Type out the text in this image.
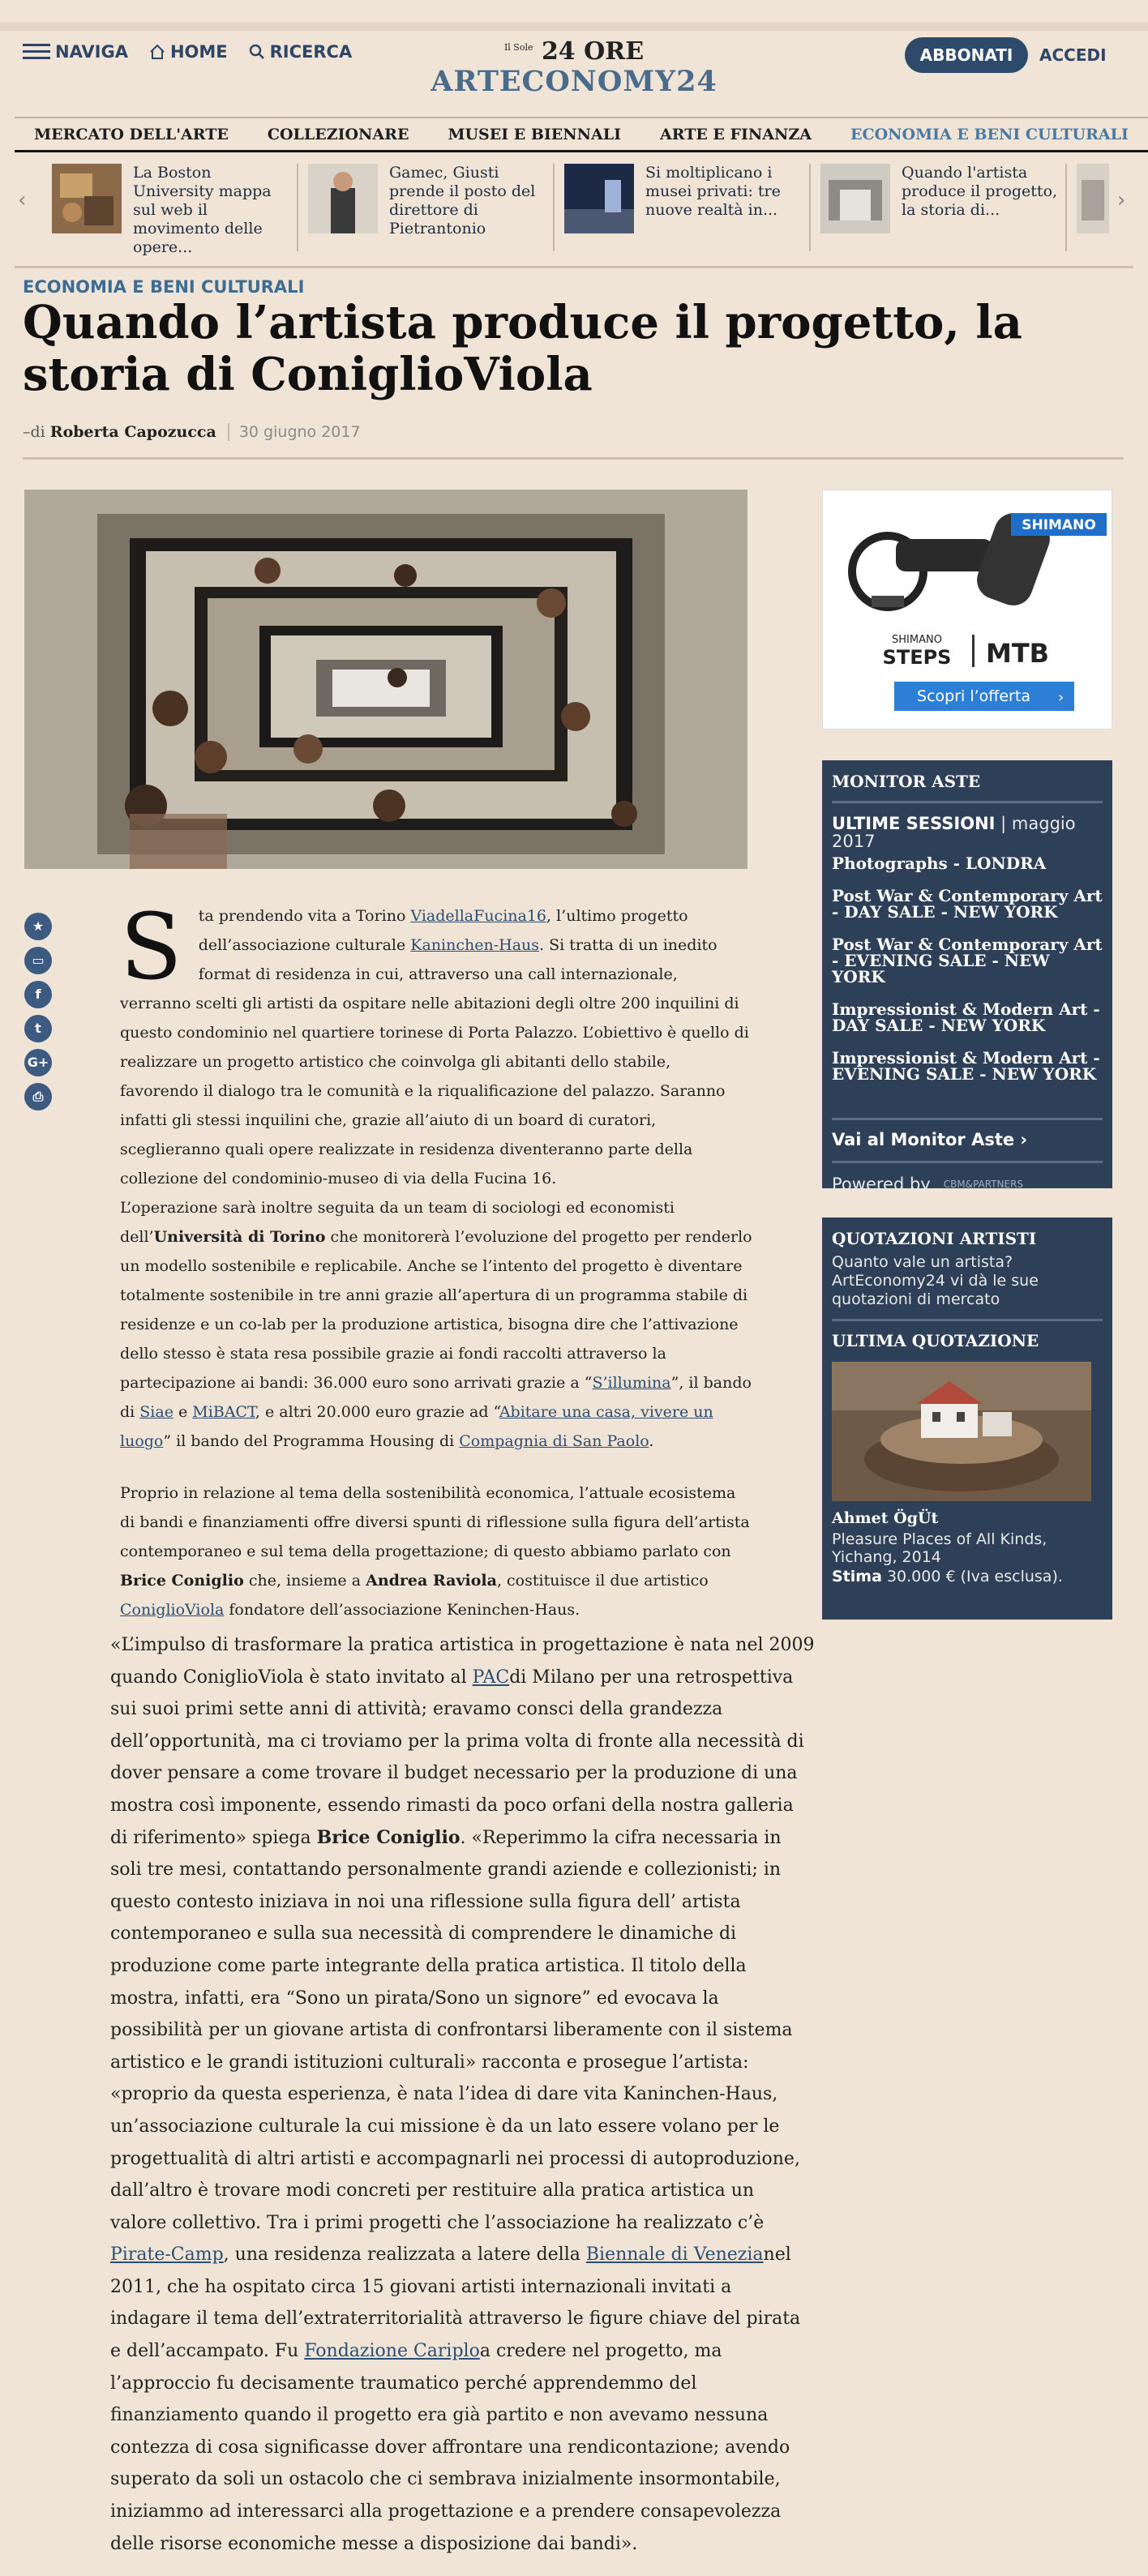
NAVIGA HOME RICERCA	$^{Il Sole}$ 24 ORE
ARTECONOMY24
ABBONATI	ACCEDI
MERCATO DELL'ARTE	COLLEZIONARE	MUSEI E BIENNALI	ARTE E FINANZA	ECONOMIA E BENI CULTURALI
‹
La Boston University mappa sul web il movimento delle opere...
Gamec, Giusti prende il posto del direttore di Pietrantonio
Si moltiplicano i musei privati: tre nuove realtà in...
Quando l'artista produce il progetto, la storia di...	›
ECONOMIA E BENI CULTURALI
Quando l’artista produce il progetto, la storia di ConiglioViola
–di Roberta Capozucca 30 giugno 2017
SHIMANO
SHIMANO
STEPS MTB
Scopri l’offerta ›
MONITOR ASTE
ULTIME SESSIONI | maggio 2017
Photographs - LONDRA
Post War & Contemporary Art - DAY SALE - NEW YORK
Post War & Contemporary Art - EVENING SALE - NEW YORK
Impressionist & Modern Art - DAY SALE - NEW YORK
Impressionist & Modern Art - EVENING SALE - NEW YORK
Vai al Monitor Aste ›
Powered by CBM&PARTNERS
QUOTAZIONI ARTISTI
Quanto vale un artista? ArtEconomy24 vi dà le sue quotazioni di mercato
ULTIMA QUOTAZIONE
Ahmet ÖgÜt
Pleasure Places of All Kinds, Yichang, 2014
Stima 30.000 € (Iva esclusa).
★
▭
f
t
G+
⎙
S	ta prendendo vita a Torino ViadellaFucina16, l’ultimo progetto dell’associazione culturale Kaninchen-Haus. Si tratta di un inedito format di residenza in cui, attraverso una call internazionale, verranno scelti gli artisti da ospitare nelle abitazioni degli oltre 200 inquilini di questo condominio nel quartiere torinese di Porta Palazzo. L’obiettivo è quello di realizzare un progetto artistico che coinvolga gli abitanti dello stabile, favorendo il dialogo tra le comunità e la riqualificazione del palazzo. Saranno infatti gli stessi inquilini che, grazie all’aiuto di un board di curatori, sceglieranno quali opere realizzate in residenza diventeranno parte della collezione del condominio-museo di via della Fucina 16.

L’operazione sarà inoltre seguita da un team di sociologi ed economisti dell’Università di Torino che monitorerà l’evoluzione del progetto per renderlo un modello sostenibile e replicabile. Anche se l’intento del progetto è diventare totalmente sostenibile in tre anni grazie all’apertura di un programma stabile di residenze e un co-lab per la produzione artistica, bisogna dire che l’attivazione dello stesso è stata resa possibile grazie ai fondi raccolti attraverso la partecipazione ai bandi: 36.000 euro sono arrivati grazie a “S’illumina”, il bando di Siae e MiBACT, e altri 20.000 euro grazie ad “Abitare una casa, vivere un luogo” il bando del Programma Housing di Compagnia di San Paolo.

Proprio in relazione al tema della sostenibilità economica, l’attuale ecosistema di bandi e finanziamenti offre diversi spunti di riflessione sulla figura dell’artista contemporaneo e sul tema della progettazione; di questo abbiamo parlato con Brice Coniglio che, insieme a Andrea Raviola, costituisce il due artistico ConiglioViola fondatore dell’associazione Keninchen-Haus.
«L’impulso di trasformare la pratica artistica in progettazione è nata nel 2009 quando ConiglioViola è stato invitato al PACdi Milano per una retrospettiva sui suoi primi sette anni di attività; eravamo consci della grandezza dell’opportunità, ma ci troviamo per la prima volta di fronte alla necessità di dover pensare a come trovare il budget necessario per la produzione di una mostra così imponente, essendo rimasti da poco orfani della nostra galleria di riferimento» spiega Brice Coniglio. «Reperimmo la cifra necessaria in soli tre mesi, contattando personalmente grandi aziende e collezionisti; in questo contesto iniziava in noi una riflessione sulla figura dell’ artista contemporaneo e sulla sua necessità di comprendere le dinamiche di produzione come parte integrante della pratica artistica. Il titolo della mostra, infatti, era “Sono un pirata/Sono un signore” ed evocava la possibilità per un giovane artista di confrontarsi liberamente con il sistema artistico e le grandi istituzioni culturali» racconta e prosegue l’artista: «proprio da questa esperienza, è nata l’idea di dare vita Kaninchen-Haus, un’associazione culturale la cui missione è da un lato essere volano per le progettualità di altri artisti e accompagnarli nei processi di autoproduzione, dall’altro è trovare modi concreti per restituire alla pratica artistica un valore collettivo. Tra i primi progetti che l’associazione ha realizzato c’è Pirate-Camp, una residenza realizzata a latere della Biennale di Venezianel 2011, che ha ospitato circa 15 giovani artisti internazionali invitati a indagare il tema dell’extraterritorialità attraverso le figure chiave del pirata e dell’accampato. Fu Fondazione Cariploa credere nel progetto, ma l’approccio fu decisamente traumatico perché apprendemmo del finanziamento quando il progetto era già partito e non avevamo nessuna contezza di cosa significasse dover affrontare una rendicontazione; avendo superato da soli un ostacolo che ci sembrava inizialmente insormontabile, iniziammo ad interessarci alla progettazione e a prendere consapevolezza delle risorse economiche messe a disposizione dai bandi».
